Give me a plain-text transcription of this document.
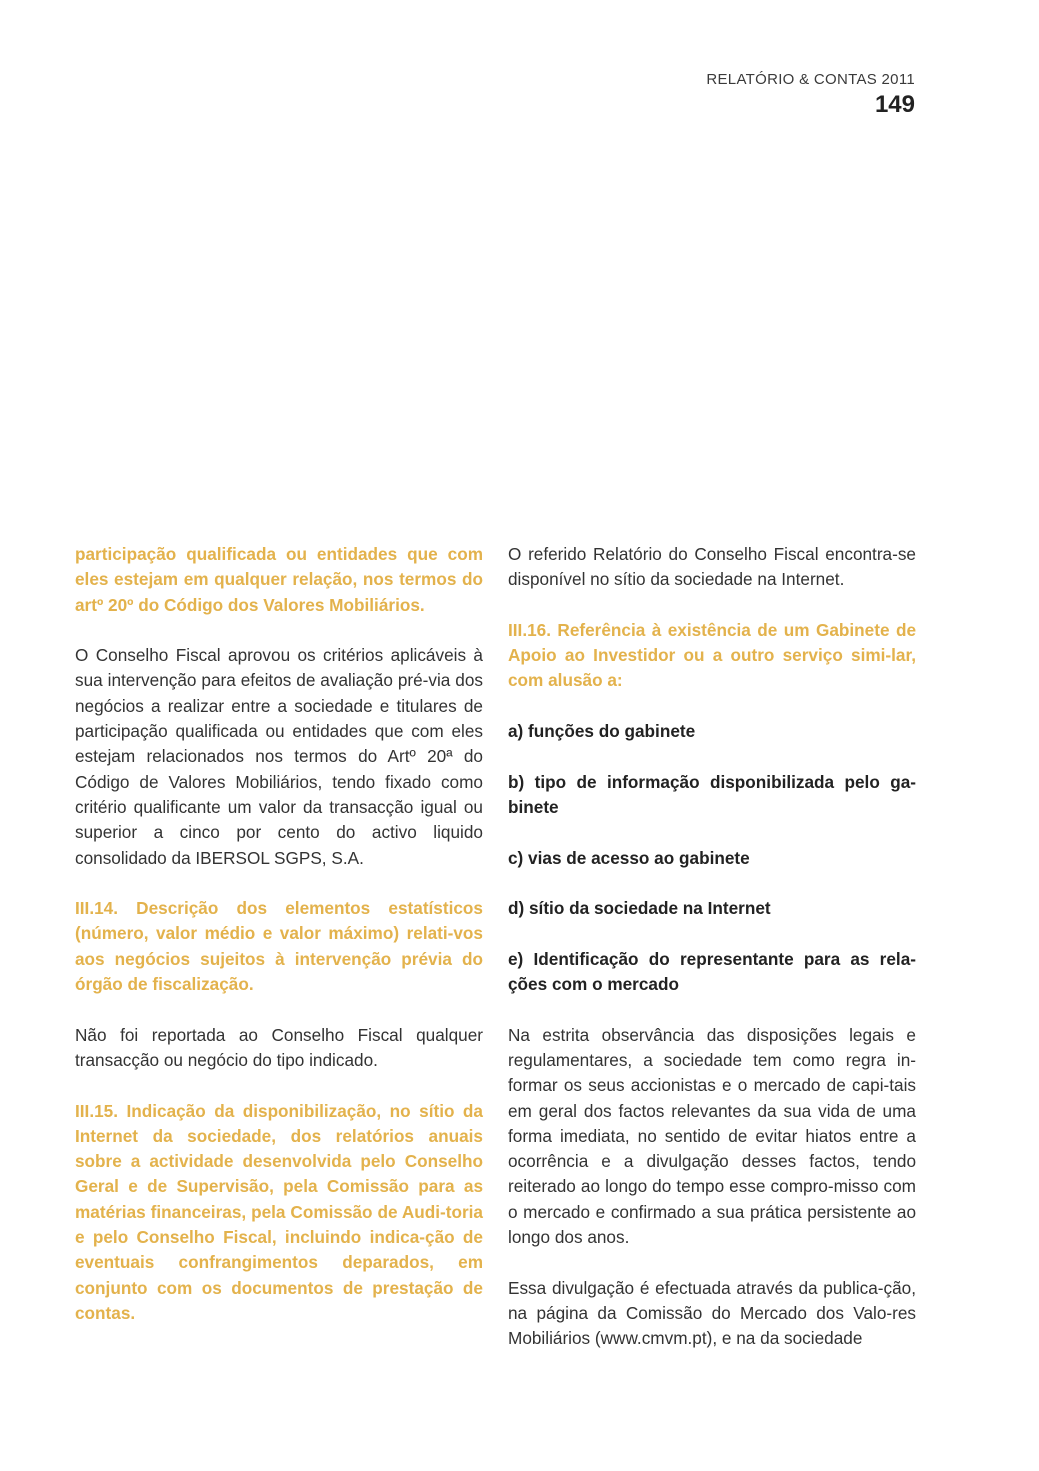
RELATÓRIO & CONTAS 2011
149

participação qualificada ou entidades que com eles estejam em qualquer relação, nos termos do artº 20º do Código dos Valores Mobiliários.

O Conselho Fiscal aprovou os critérios aplicáveis à sua intervenção para efeitos de avaliação pré-via dos negócios a realizar entre a sociedade e titulares de participação qualificada ou entidades que com eles estejam relacionados nos termos do Artº 20ª do Código de Valores Mobiliários, tendo fixado como critério qualificante um valor da transacção igual ou superior a cinco por cento do activo liquido consolidado da IBERSOL SGPS, S.A.

III.14. Descrição dos elementos estatísticos (número, valor médio e valor máximo) relati-vos aos negócios sujeitos à intervenção prévia do órgão de fiscalização.

Não foi reportada ao Conselho Fiscal qualquer transacção ou negócio do tipo indicado.

III.15. Indicação da disponibilização, no sítio da Internet da sociedade, dos relatórios anuais sobre a actividade desenvolvida pelo Conselho Geral e de Supervisão, pela Comissão para as matérias financeiras, pela Comissão de Audi-toria e pelo Conselho Fiscal, incluindo indica-ção de eventuais confrangimentos deparados, em conjunto com os documentos de prestação de contas.

O referido Relatório do Conselho Fiscal encontra-se disponível no sítio da sociedade na Internet.

III.16. Referência à existência de um Gabinete de Apoio ao Investidor ou a outro serviço simi-lar, com alusão a:

a) funções do gabinete

b) tipo de informação disponibilizada pelo ga-binete

c) vias de acesso ao gabinete

d) sítio da sociedade na Internet

e) Identificação do representante para as rela-ções com o mercado

Na estrita observância das disposições legais e regulamentares, a sociedade tem como regra in-formar os seus accionistas e o mercado de capi-tais em geral dos factos relevantes da sua vida de uma forma imediata, no sentido de evitar hiatos entre a ocorrência e a divulgação desses factos, tendo reiterado ao longo do tempo esse compro-misso com o mercado e confirmado a sua prática persistente ao longo dos anos.

Essa divulgação é efectuada através da publica-ção, na página da Comissão do Mercado dos Valo-res Mobiliários (www.cmvm.pt), e na da sociedade
